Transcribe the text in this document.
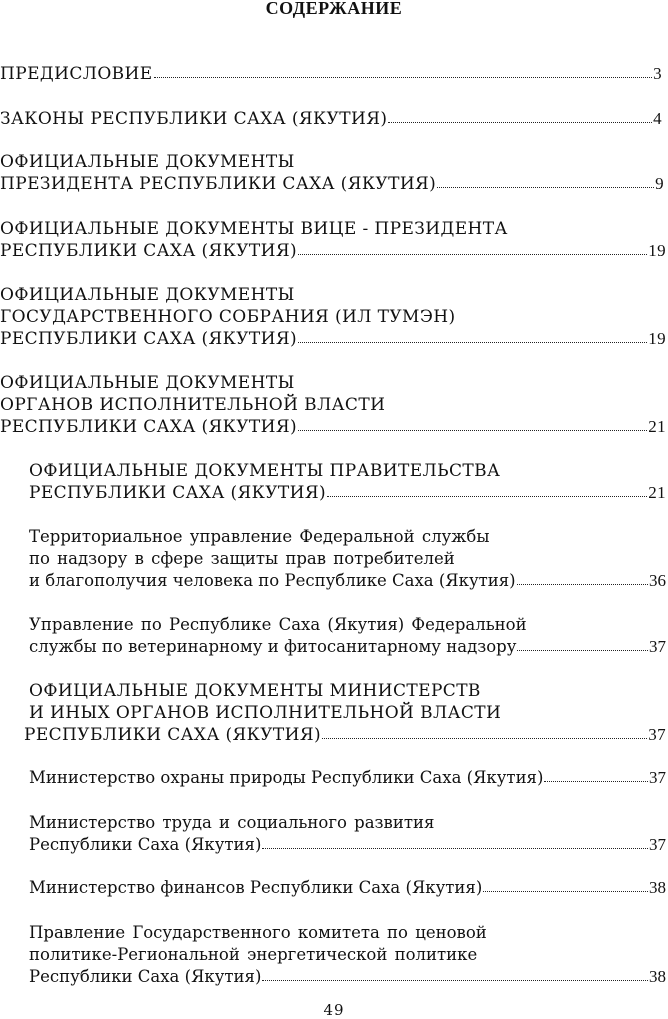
СОДЕРЖАНИЕ
ПРЕДИСЛОВИЕ	3
ЗАКОНЫ РЕСПУБЛИКИ САХА (ЯКУТИЯ)	4
ОФИЦИАЛЬНЫЕ ДОКУМЕНТЫ
ПРЕЗИДЕНТА РЕСПУБЛИКИ САХА (ЯКУТИЯ)	9
ОФИЦИАЛЬНЫЕ ДОКУМЕНТЫ ВИЦЕ - ПРЕЗИДЕНТА
РЕСПУБЛИКИ САХА (ЯКУТИЯ)	19
ОФИЦИАЛЬНЫЕ ДОКУМЕНТЫ
ГОСУДАРСТВЕННОГО СОБРАНИЯ (ИЛ ТУМЭН)
РЕСПУБЛИКИ САХА (ЯКУТИЯ)	19
ОФИЦИАЛЬНЫЕ ДОКУМЕНТЫ
ОРГАНОВ ИСПОЛНИТЕЛЬНОЙ ВЛАСТИ
РЕСПУБЛИКИ САХА (ЯКУТИЯ)	21
ОФИЦИАЛЬНЫЕ ДОКУМЕНТЫ ПРАВИТЕЛЬСТВА
РЕСПУБЛИКИ САХА (ЯКУТИЯ)	21
Территориальное управление Федеральной службы
по надзору в сфере защиты прав потребителей
и благополучия человека по Республике Саха (Якутия)	36
Управление по Республике Саха (Якутия) Федеральной
службы по ветеринарному и фитосанитарному надзору	37
ОФИЦИАЛЬНЫЕ ДОКУМЕНТЫ МИНИСТЕРСТВ
И ИНЫХ ОРГАНОВ ИСПОЛНИТЕЛЬНОЙ ВЛАСТИ
РЕСПУБЛИКИ САХА (ЯКУТИЯ)	37
Министерство охраны природы Республики Саха (Якутия)	37
Министерство труда и социального развития
Республики Саха (Якутия)	37
Министерство финансов Республики Саха (Якутия)	38
Правление Государственного комитета по ценовой
политике-Региональной энергетической политике
Республики Саха (Якутия)	38
49
